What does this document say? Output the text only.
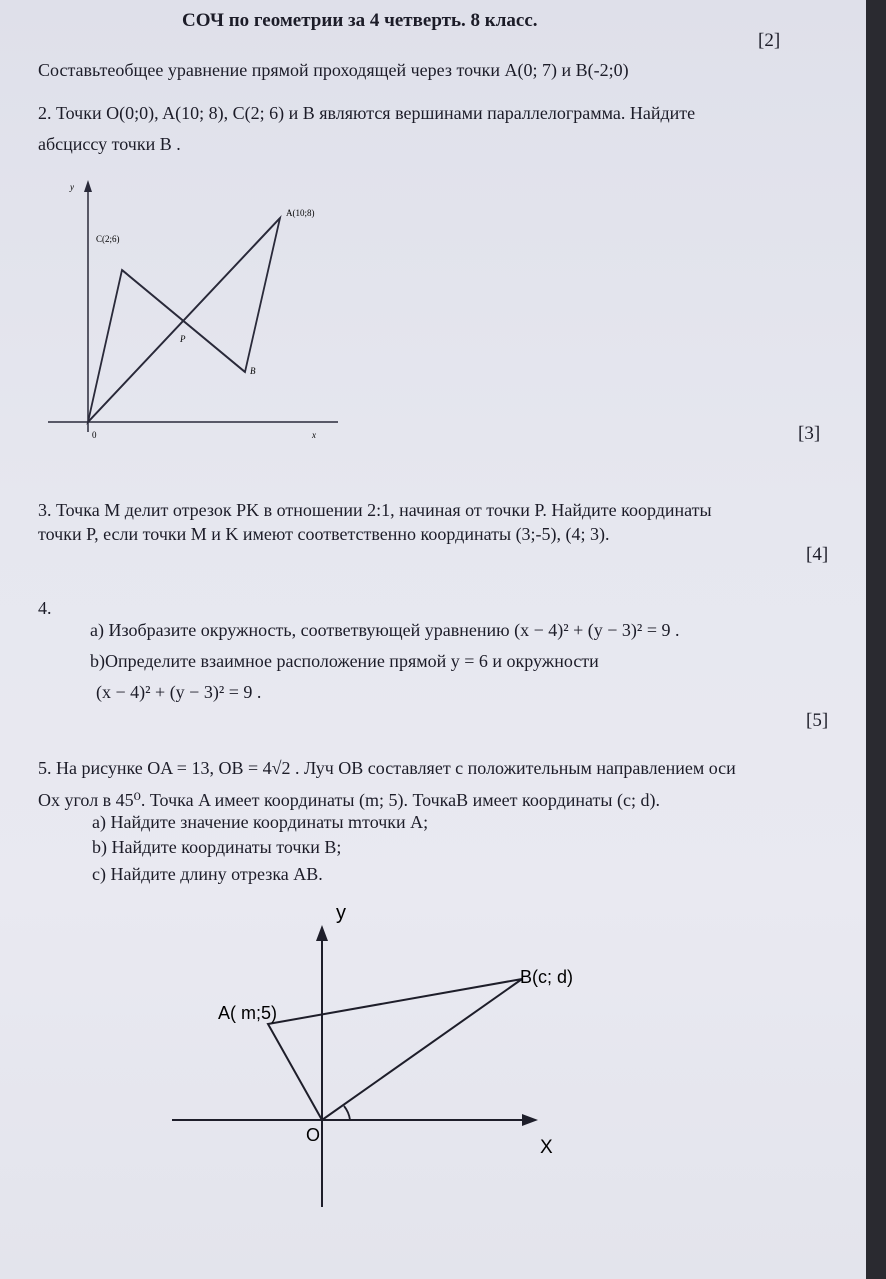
СОЧ по геометрии за 4 четверть. 8 класс.
Составьтеобщее уравнение прямой проходящей через точки A(0; 7) и B(-2;0)
[2]
2. Точки O(0;0), A(10; 8), C(2; 6) и B являются вершинами параллелограмма. Найдите
абсциссу точки B .
[3]
y
x
0
A(10;8)
C(2;6)
B
P
3. Точка M делит отрезок PK в отношении 2:1, начиная от точки P. Найдите координаты
точки P, если точки M и K имеют соответственно координаты (3;-5), (4; 3).
[4]
4.
а) Изобразите окружность, соответвующей уравнению (x − 4)² + (y − 3)² = 9 .
b)Определите взаимное расположение прямой y = 6 и окружности
(x − 4)² + (y − 3)² = 9 .
[5]
5. На рисунке OA = 13, OB = 4√2 . Луч OB составляет с положительным направлением оси
Ox угол в 45⁰. Точка A имеет координаты (m; 5). ТочкаB имеет координаты (c; d).
a) Найдите значение координаты mточки A;
b) Найдите координаты точки B;
c) Найдите длину отрезка AB.
y
X
O
A( m;5)
B(c; d)
